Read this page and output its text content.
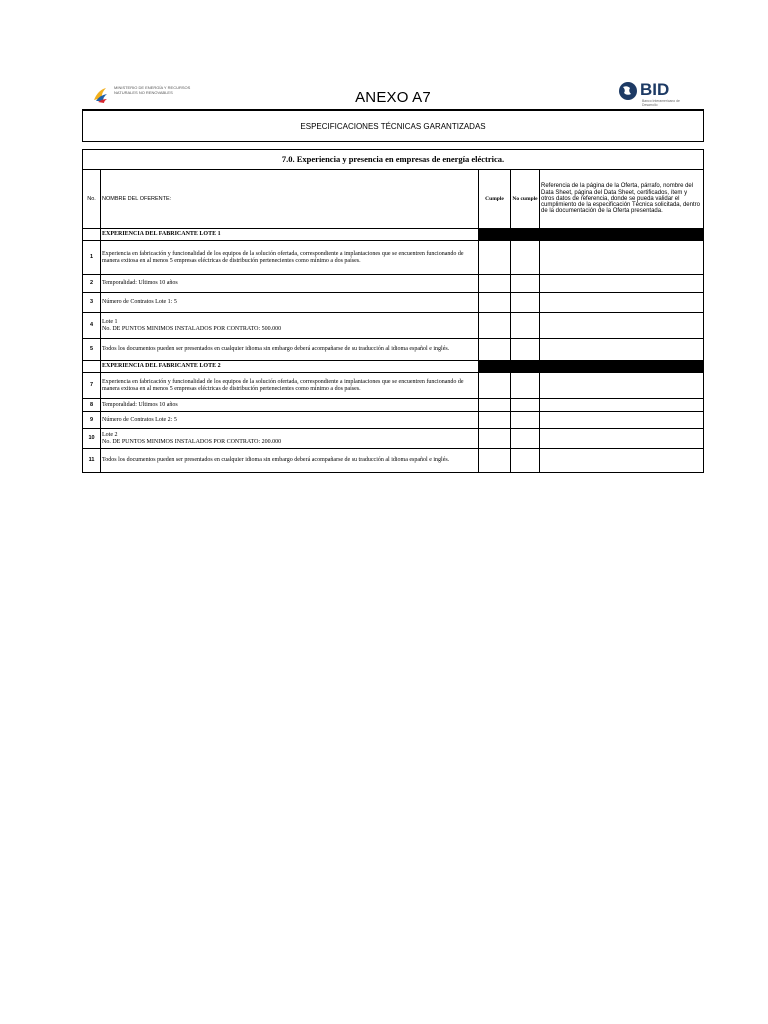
MINISTERIO DE ENERGÍA Y RECURSOS NATURALES NO RENOVABLES	ANEXO A7	BID
Banco Interamericano de Desarrollo
ESPECIFICACIONES TÉCNICAS GARANTIZADAS
7.0. Experiencia y presencia en empresas de energía eléctrica.				
No.	NOMBRE DEL OFERENTE:	Cumple	No cumple	Referencia de la página de la Oferta, párrafo, nombre del Data Sheet, página del Data Sheet, certificados, ítem y otros datos de referencia, donde se pueda validar el cumplimiento de la especificación Técnica solicitada, dentro de la documentación de la Oferta presentada.
	EXPERIENCIA DEL FABRICANTE LOTE 1			
1	Experiencia en fabricación y funcionalidad de los equipos de la solución ofertada, correspondiente a implantaciones que se encuentren funcionando de manera exitosa en al menos 5 empresas eléctricas de distribución pertenecientes como mínimo a dos países.			
2	Temporalidad: Ultimos 10 años			
3	Número de Contratos Lote 1: 5			
4	Lote 1
No. DE PUNTOS MINIMOS INSTALADOS POR CONTRATO: 500.000			

5	Todos los documentos pueden ser presentados en cualquier idioma sin embargo deberá acompañarse de su traducción al idioma español e inglés.			
	EXPERIENCIA DEL FABRICANTE LOTE 2			
7	Experiencia en fabricación y funcionalidad de los equipos de la solución ofertada, correspondiente a implantaciones que se encuentren funcionando de manera exitosa en al menos 5 empresas eléctricas de distribución pertenecientes como mínimo a dos países.			
8	Temporalidad: Ultimos 10 años			
9	Número de Contratos Lote 2: 5			
10	Lote 2
No. DE PUNTOS MINIMOS INSTALADOS POR CONTRATO: 200.000			

11	Todos los documentos pueden ser presentados en cualquier idioma sin embargo deberá acompañarse de su traducción al idioma español e inglés.			
